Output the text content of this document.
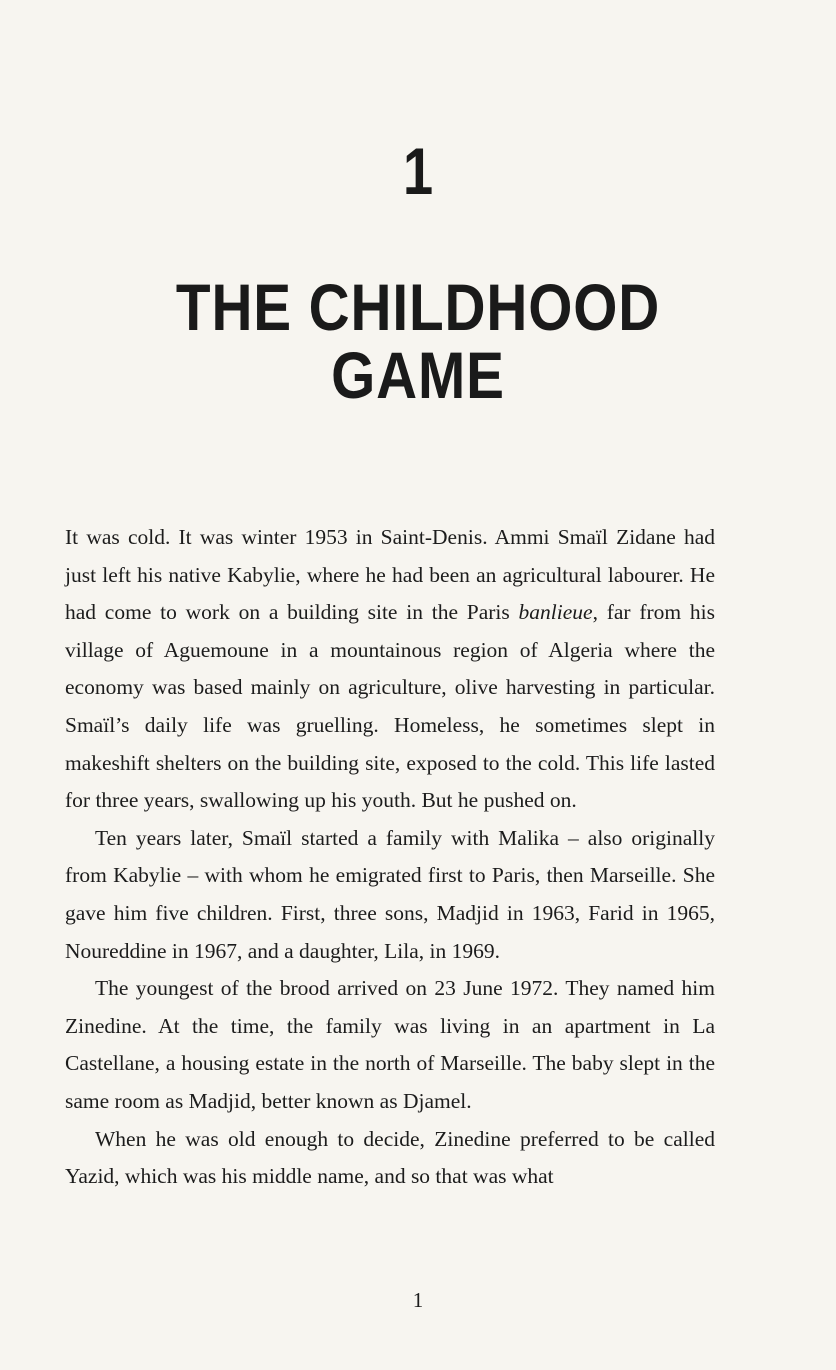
1
THE CHILDHOOD
GAME

It was cold. It was winter 1953 in Saint-Denis. Ammi Smaïl Zidane had just left his native Kabylie, where he had been an agricultural labourer. He had come to work on a building site in the Paris banlieue, far from his village of Aguemoune in a mountainous region of Algeria where the economy was based mainly on agriculture, olive harvesting in particular. Smaïl’s daily life was gruelling. Homeless, he sometimes slept in makeshift shelters on the building site, exposed to the cold. This life lasted for three years, swallowing up his youth. But he pushed on.

Ten years later, Smaïl started a family with Malika – also originally from Kabylie – with whom he emigrated first to Paris, then Marseille. She gave him five children. First, three sons, Madjid in 1963, Farid in 1965, Noureddine in 1967, and a daughter, Lila, in 1969.

The youngest of the brood arrived on 23 June 1972. They named him Zinedine. At the time, the family was living in an apartment in La Castellane, a housing estate in the north of Marseille. The baby slept in the same room as Madjid, better known as Djamel.

When he was old enough to decide, Zinedine preferred to be called Yazid, which was his middle name, and so that was what

1
